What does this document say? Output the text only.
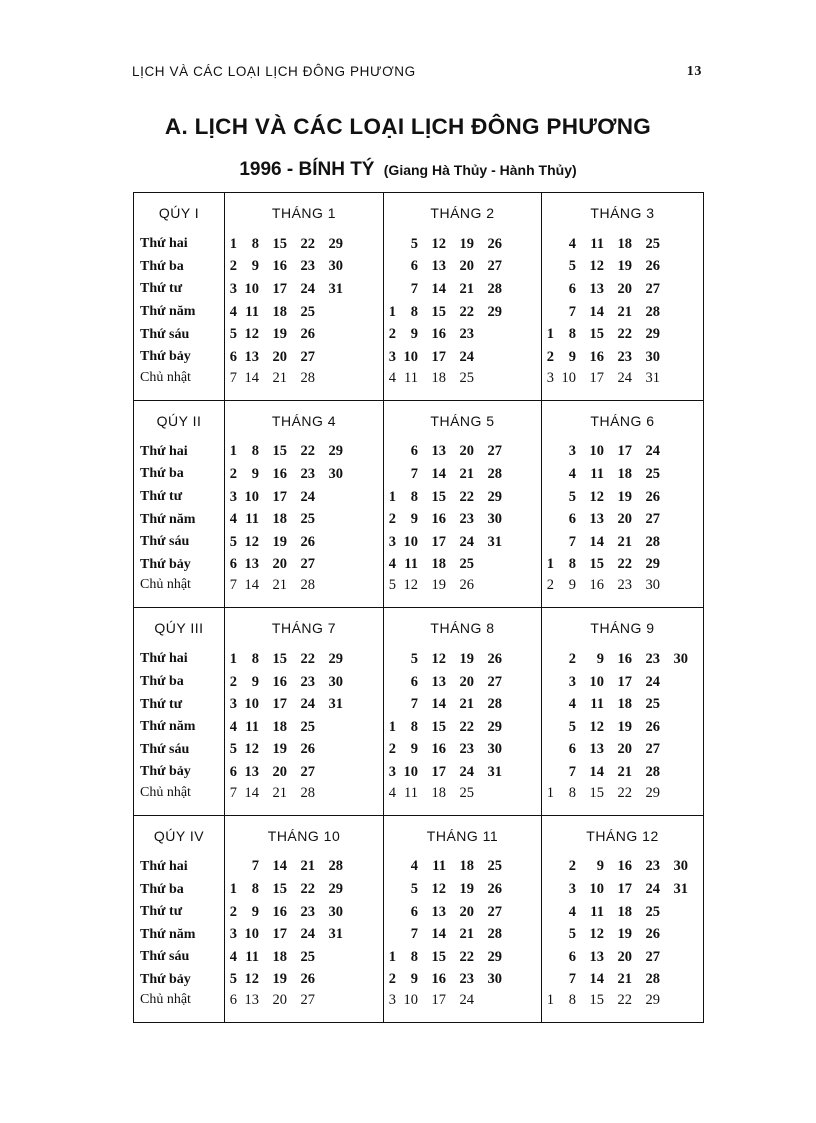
LỊCH VÀ CÁC LOẠI LỊCH ĐÔNG PHƯƠNG	13
A. LỊCH VÀ CÁC LOẠI LỊCH ĐÔNG PHƯƠNG
1996 - BÍNH TÝ (Giang Hà Thủy - Hành Thủy)
QÚY I	THÁNG 1	THÁNG 2	THÁNG 3
Thứ hai	1 8 15 22 29	5 12 19 26	4 11 18 25
Thứ ba	2 9 16 23 30	6 13 20 27	5 12 19 26
Thứ tư	3 10 17 24 31	7 14 21 28	6 13 20 27
Thứ năm	4 11 18 25	1 8 15 22 29	7 14 21 28
Thứ sáu	5 12 19 26	2 9 16 23	1 8 15 22 29
Thứ bảy	6 13 20 27	3 10 17 24	2 9 16 23 30
Chủ nhật	7 14 21 28	4 11 18 25	3 10 17 24 31
QÚY II	THÁNG 4	THÁNG 5	THÁNG 6
Thứ hai	1 8 15 22 29	6 13 20 27	3 10 17 24
Thứ ba	2 9 16 23 30	7 14 21 28	4 11 18 25
Thứ tư	3 10 17 24	1 8 15 22 29	5 12 19 26
Thứ năm	4 11 18 25	2 9 16 23 30	6 13 20 27
Thứ sáu	5 12 19 26	3 10 17 24 31	7 14 21 28
Thứ bảy	6 13 20 27	4 11 18 25	1 8 15 22 29
Chủ nhật	7 14 21 28	5 12 19 26	2 9 16 23 30
QÚY III	THÁNG 7	THÁNG 8	THÁNG 9
Thứ hai	1 8 15 22 29	5 12 19 26	2 9 16 23 30
Thứ ba	2 9 16 23 30	6 13 20 27	3 10 17 24
Thứ tư	3 10 17 24 31	7 14 21 28	4 11 18 25
Thứ năm	4 11 18 25	1 8 15 22 29	5 12 19 26
Thứ sáu	5 12 19 26	2 9 16 23 30	6 13 20 27
Thứ bảy	6 13 20 27	3 10 17 24 31	7 14 21 28
Chủ nhật	7 14 21 28	4 11 18 25	1 8 15 22 29
QÚY IV	THÁNG 10	THÁNG 11	THÁNG 12
Thứ hai	7 14 21 28	4 11 18 25	2 9 16 23 30
Thứ ba	1 8 15 22 29	5 12 19 26	3 10 17 24 31
Thứ tư	2 9 16 23 30	6 13 20 27	4 11 18 25
Thứ năm	3 10 17 24 31	7 14 21 28	5 12 19 26
Thứ sáu	4 11 18 25	1 8 15 22 29	6 13 20 27
Thứ bảy	5 12 19 26	2 9 16 23 30	7 14 21 28
Chủ nhật	6 13 20 27	3 10 17 24	1 8 15 22 29
